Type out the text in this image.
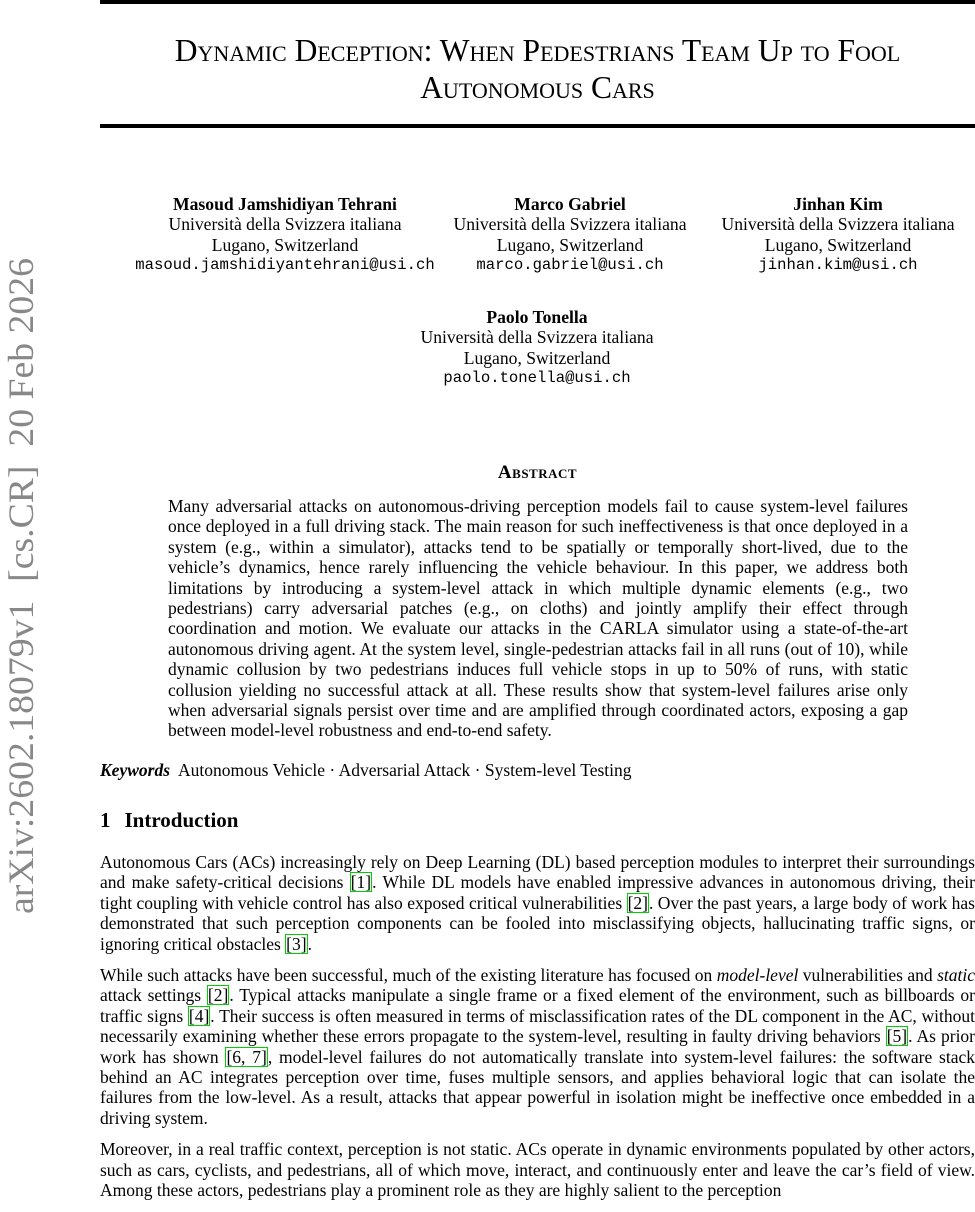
arXiv:2602.18079v1  [cs.CR]  20 Feb 2026
Dynamic Deception: When Pedestrians Team Up to Fool
Autonomous Cars
Masoud Jamshidiyan Tehrani
Università della Svizzera italiana
Lugano, Switzerland
masoud.jamshidiyantehrani@usi.ch
Marco Gabriel
Università della Svizzera italiana
Lugano, Switzerland
marco.gabriel@usi.ch
Jinhan Kim
Università della Svizzera italiana
Lugano, Switzerland
jinhan.kim@usi.ch
Paolo Tonella
Università della Svizzera italiana
Lugano, Switzerland
paolo.tonella@usi.ch
Abstract

Many adversarial attacks on autonomous-driving perception models fail to cause system-level failures once deployed in a full driving stack. The main reason for such ineffectiveness is that once deployed in a system (e.g., within a simulator), attacks tend to be spatially or temporally short-lived, due to the vehicle’s dynamics, hence rarely influencing the vehicle behaviour. In this paper, we address both limitations by introducing a system-level attack in which multiple dynamic elements (e.g., two pedestrians) carry adversarial patches (e.g., on cloths) and jointly amplify their effect through coordination and motion. We evaluate our attacks in the CARLA simulator using a state-of-the-art autonomous driving agent. At the system level, single-pedestrian attacks fail in all runs (out of 10), while dynamic collusion by two pedestrians induces full vehicle stops in up to 50% of runs, with static collusion yielding no successful attack at all. These results show that system-level failures arise only when adversarial signals persist over time and are amplified through coordinated actors, exposing a gap between model-level robustness and end-to-end safety.

Keywords Autonomous Vehicle · Adversarial Attack · System-level Testing
1 Introduction

Autonomous Cars (ACs) increasingly rely on Deep Learning (DL) based perception modules to interpret their surroundings and make safety-critical decisions [1]. While DL models have enabled impressive advances in autonomous driving, their tight coupling with vehicle control has also exposed critical vulnerabilities [2]. Over the past years, a large body of work has demonstrated that such perception components can be fooled into misclassifying objects, hallucinating traffic signs, or ignoring critical obstacles [3].

While such attacks have been successful, much of the existing literature has focused on model-level vulnerabilities and static attack settings [2]. Typical attacks manipulate a single frame or a fixed element of the environment, such as billboards or traffic signs [4]. Their success is often measured in terms of misclassification rates of the DL component in the AC, without necessarily examining whether these errors propagate to the system-level, resulting in faulty driving behaviors [5]. As prior work has shown [6, 7], model-level failures do not automatically translate into system-level failures: the software stack behind an AC integrates perception over time, fuses multiple sensors, and applies behavioral logic that can isolate the failures from the low-level. As a result, attacks that appear powerful in isolation might be ineffective once embedded in a driving system.

Moreover, in a real traffic context, perception is not static. ACs operate in dynamic environments populated by other actors, such as cars, cyclists, and pedestrians, all of which move, interact, and continuously enter and leave the car’s field of view. Among these actors, pedestrians play a prominent role as they are highly salient to the perception
